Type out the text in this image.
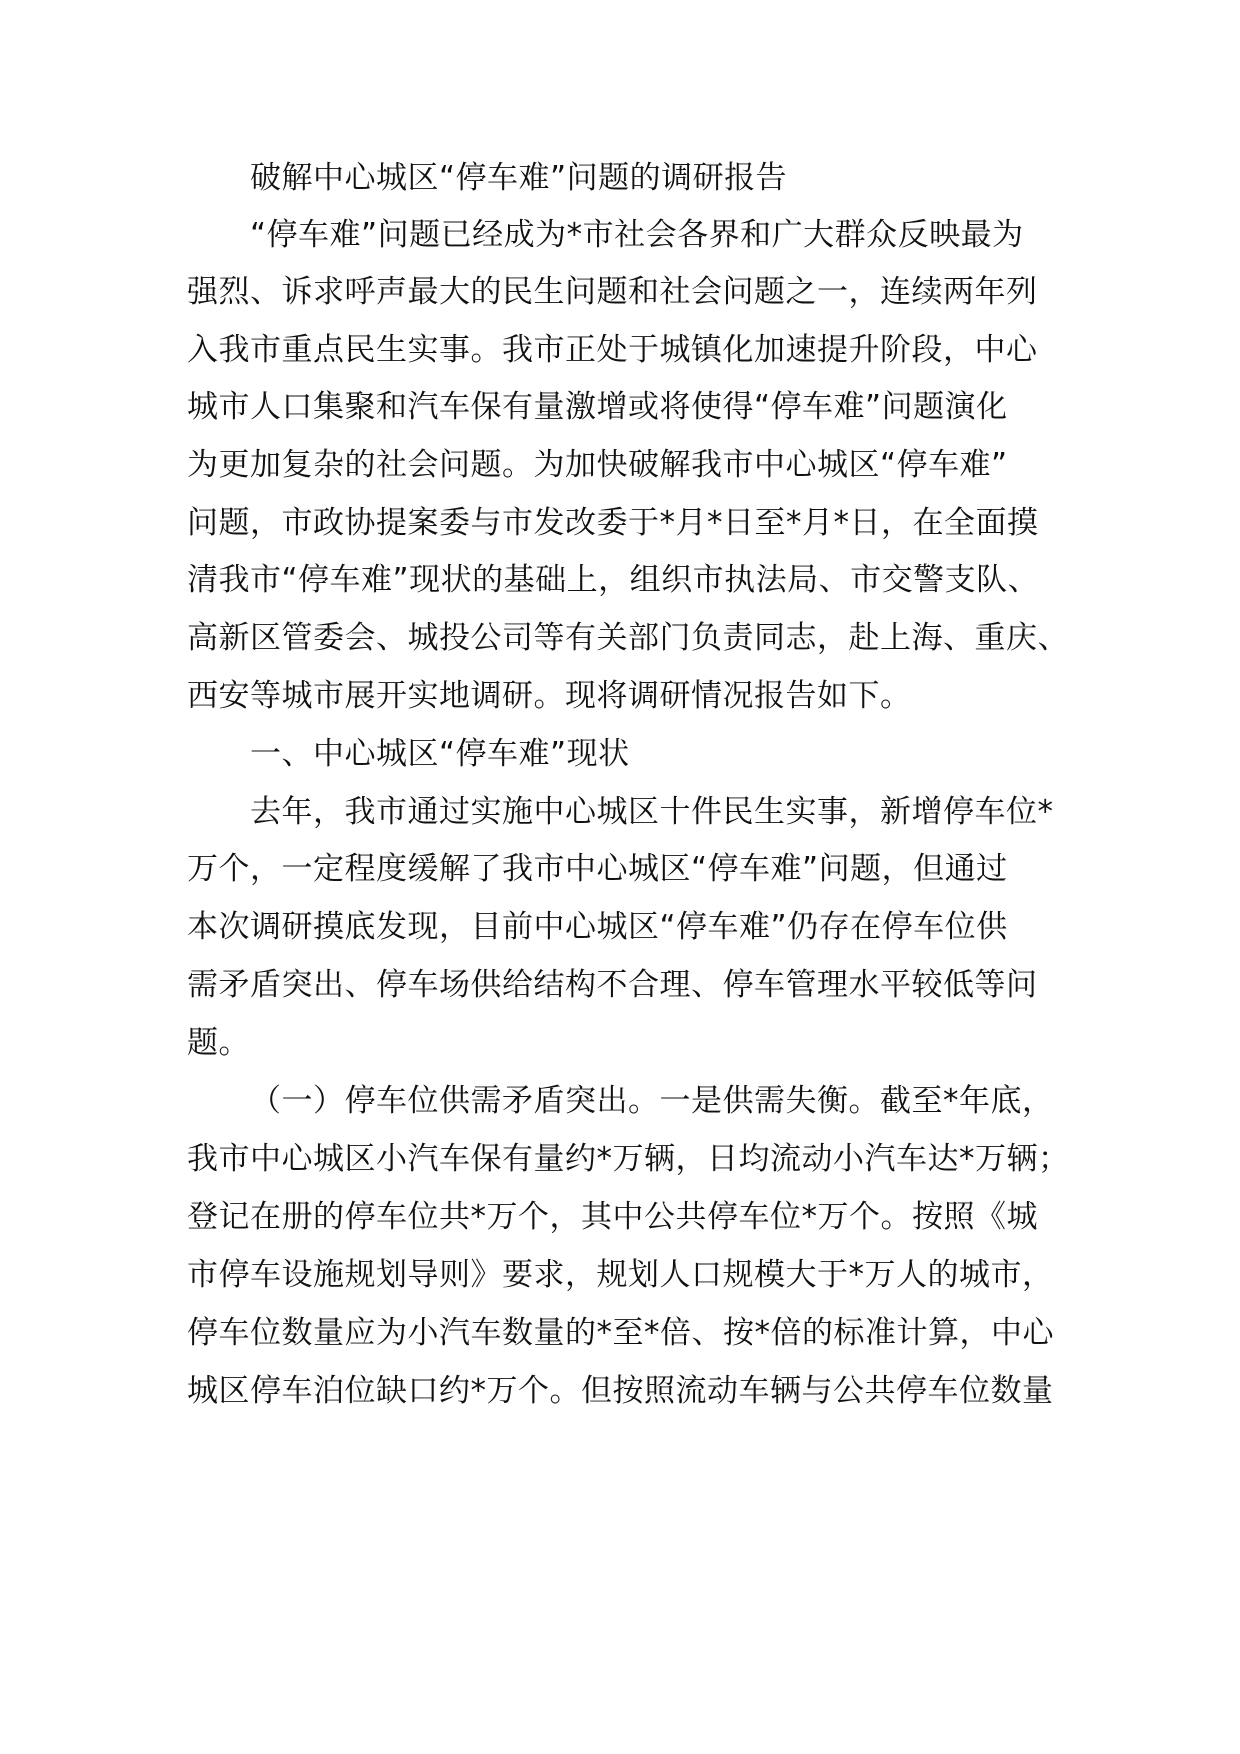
破解中心城区“停车难”问题的调研报告
“停车难”问题已经成为*市社会各界和广大群众反映最为
强烈、诉求呼声最大的民生问题和社会问题之一，连续两年列
入我市重点民生实事。我市正处于城镇化加速提升阶段，中心
城市人口集聚和汽车保有量激增或将使得“停车难”问题演化
为更加复杂的社会问题。为加快破解我市中心城区“停车难”
问题，市政协提案委与市发改委于*月*日至*月*日，在全面摸
清我市“停车难”现状的基础上，组织市执法局、市交警支队、
高新区管委会、城投公司等有关部门负责同志，赴上海、重庆、
西安等城市展开实地调研。现将调研情况报告如下。
一、中心城区“停车难”现状
去年，我市通过实施中心城区十件民生实事，新增停车位*
万个，一定程度缓解了我市中心城区“停车难”问题，但通过
本次调研摸底发现，目前中心城区“停车难”仍存在停车位供
需矛盾突出、停车场供给结构不合理、停车管理水平较低等问
题。
（一）停车位供需矛盾突出。一是供需失衡。截至*年底，
我市中心城区小汽车保有量约*万辆，日均流动小汽车达*万辆；
登记在册的停车位共*万个，其中公共停车位*万个。按照《城
市停车设施规划导则》要求，规划人口规模大于*万人的城市，
停车位数量应为小汽车数量的*至*倍、按*倍的标准计算，中心
城区停车泊位缺口约*万个。但按照流动车辆与公共停车位数量
